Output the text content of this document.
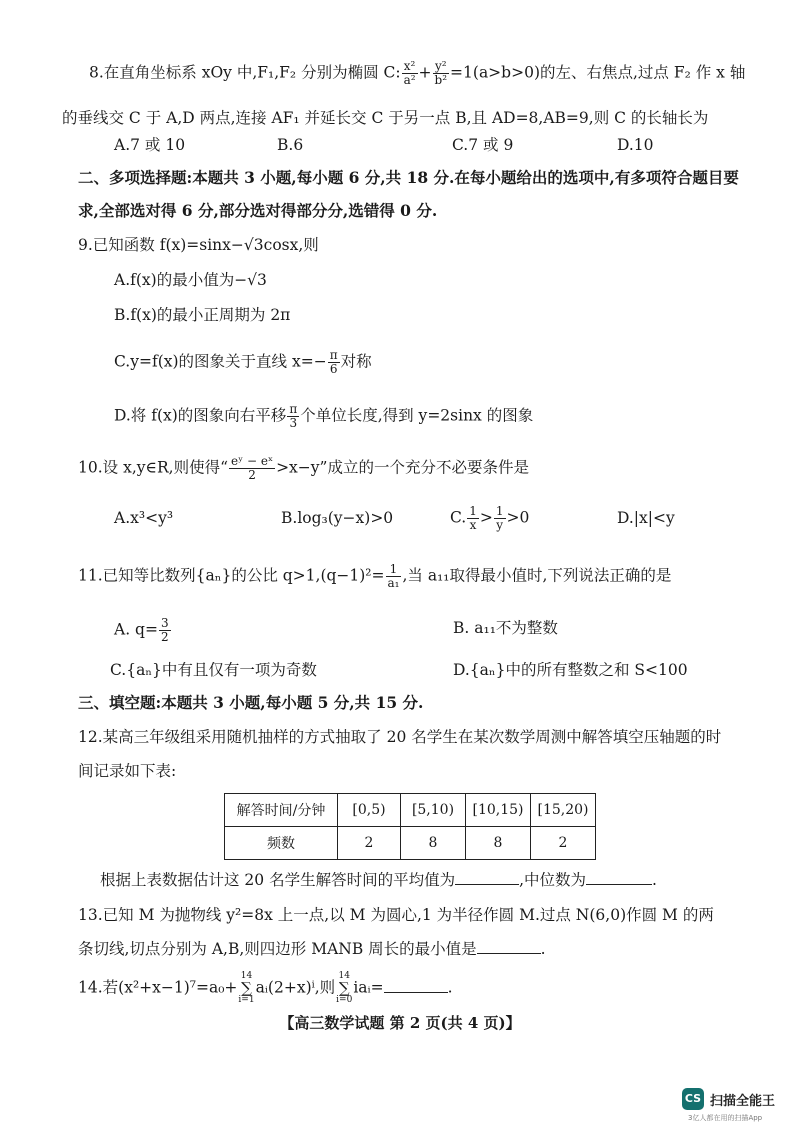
8.在直角坐标系 xOy 中,F₁,F₂ 分别为椭圆 C: $\frac{\text{x²}}{\text{a²}} + \frac{\text{y²}}{\text{b²}} =1(a>b>0)$的左、右焦点,过点 F₂ 作 x 轴
的垂线交 C 于 A,D 两点,连接 AF₁ 并延长交 C 于另一点 B,且 AD=8,AB=9,则 C 的长轴长为
A.7 或 10	B.6	C.7 或 9	D.10
二、多项选择题:本题共 3 小题,每小题 6 分,共 18 分.在每小题给出的选项中,有多项符合题目要
求,全部选对得 6 分,部分选对得部分分,选错得 0 分.
9.已知函数 f(x)=sinx−√3cosx,则
A.f(x)的最小值为−√3
B.f(x)的最小正周期为 2π
C.y=f(x)的图象关于直线 $x=- \frac{\pi}{6}$ 对称
D.将 f(x)的图象向右平移 $\frac{\pi}{3}$ 个单位长度,得到 y=2sinx 的图象
10.设 x,y∈R,则使得“ $\frac{\text{eʸ − eˣ}}{2} >x-y$”成立的一个充分不必要条件是
A.x³<y³	B.log₃(y−x)>0	C. $\frac{1}{x} > \frac{1}{y} >0$	D.|x|<y
11.已知等比数列{aₙ}的公比 $q>1,(q-1)^2= \frac{1}{\text{a₁}}$ ,当 a₁₁取得最小值时,下列说法正确的是
A. $q= \frac{3}{2}$	B. a₁₁不为整数
C.{aₙ}中有且仅有一项为奇数	D.{aₙ}中的所有整数之和 S<100
三、填空题:本题共 3 小题,每小题 5 分,共 15 分.
12.某高三年级组采用随机抽样的方式抽取了 20 名学生在某次数学周测中解答填空压轴题的时
间记录如下表:
解答时间/分钟	[0,5)	[5,10)	[10,15)	[15,20)
频数	2	8	8	2
根据上表数据估计这 20 名学生解答时间的平均值为	,中位数为	.
13.已知 M 为抛物线 y²=8x 上一点,以 M 为圆心,1 为半径作圆 M.过点 N(6,0)作圆 M 的两
条切线,切点分别为 A,B,则四边形 MANB 周长的最小值是	.
14.若(x²+x−1)⁷=a₀+
14
∑
i=1
aᵢ(2+x)ⁱ,则
14
∑
i=0
iaᵢ=	.
【高三数学试题 第 2 页(共 4 页)】
CS 扫描全能王
3亿人都在用的扫描App
